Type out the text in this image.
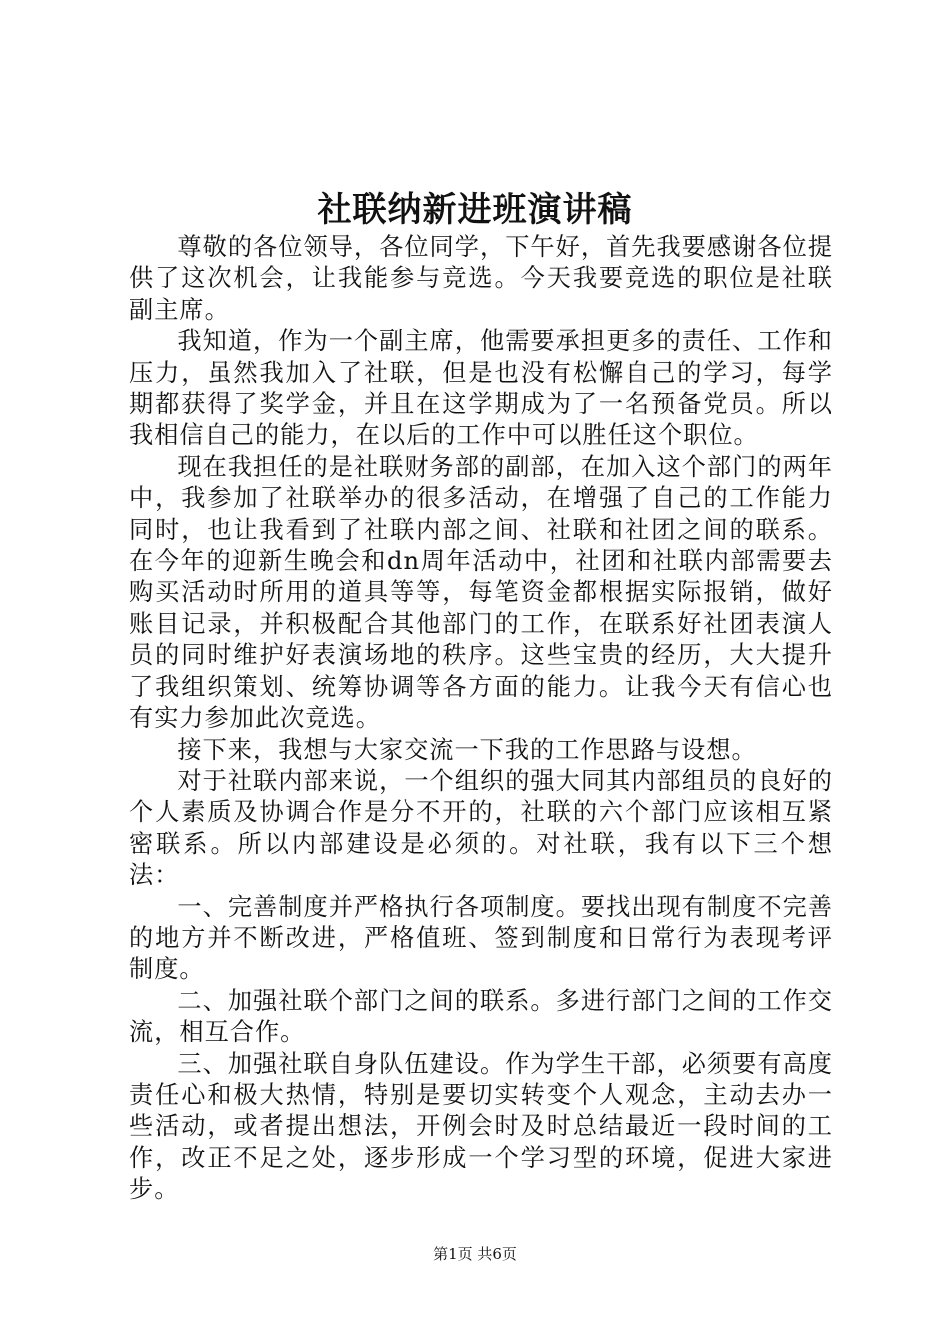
社联纳新进班演讲稿

尊敬的各位领导，各位同学，下午好，首先我要感谢各位提供了这次机会，让我能参与竞选。今天我要竞选的职位是社联副主席。

我知道，作为一个副主席，他需要承担更多的责任、工作和压力，虽然我加入了社联，但是也没有松懈自己的学习，每学期都获得了奖学金，并且在这学期成为了一名预备党员。所以我相信自己的能力，在以后的工作中可以胜任这个职位。

现在我担任的是社联财务部的副部，在加入这个部门的两年中，我参加了社联举办的很多活动，在增强了自己的工作能力同时，也让我看到了社联内部之间、社联和社团之间的联系。在今年的迎新生晚会和dn周年活动中，社团和社联内部需要去购买活动时所用的道具等等，每笔资金都根据实际报销，做好账目记录，并积极配合其他部门的工作，在联系好社团表演人员的同时维护好表演场地的秩序。这些宝贵的经历，大大提升了我组织策划、统筹协调等各方面的能力。让我今天有信心也有实力参加此次竞选。

接下来，我想与大家交流一下我的工作思路与设想。

对于社联内部来说，一个组织的强大同其内部组员的良好的个人素质及协调合作是分不开的，社联的六个部门应该相互紧密联系。所以内部建设是必须的。对社联，我有以下三个想法：

一、完善制度并严格执行各项制度。要找出现有制度不完善的地方并不断改进，严格值班、签到制度和日常行为表现考评制度。

二、加强社联个部门之间的联系。多进行部门之间的工作交流，相互合作。

三、加强社联自身队伍建设。作为学生干部，必须要有高度责任心和极大热情，特别是要切实转变个人观念，主动去办一些活动，或者提出想法，开例会时及时总结最近一段时间的工作，改正不足之处，逐步形成一个学习型的环境，促进大家进步。

第1页 共6页
